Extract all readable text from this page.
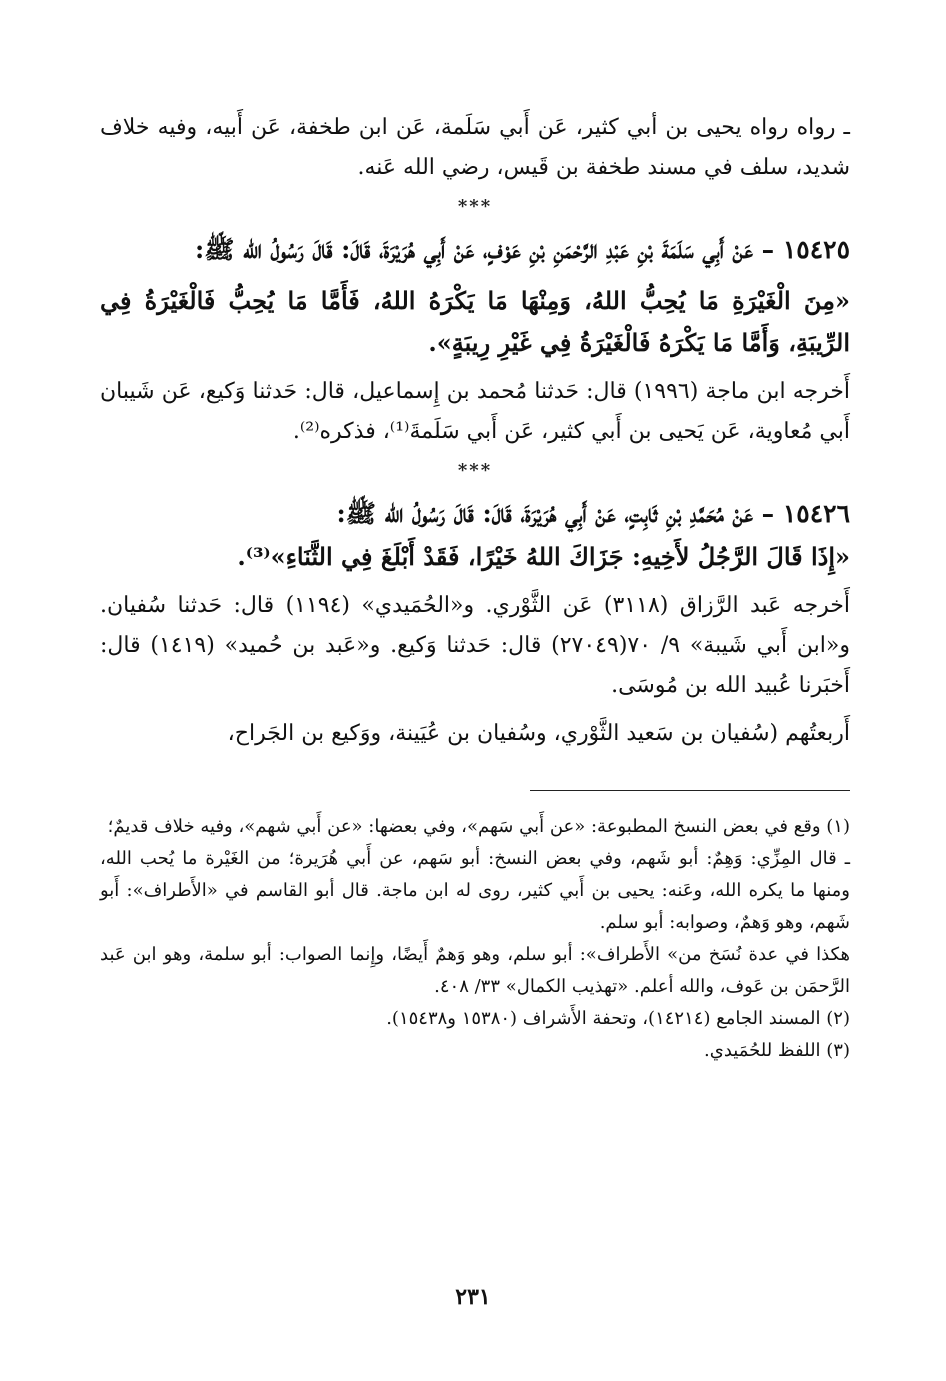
ـ رواه رواه يحيى بن أبي كثير، عَن أَبي سَلَمة، عَن ابن طخفة، عَن أَبيه، وفيه خلاف شديد، سلف في مسند طخفة بن قَيس، رضي الله عَنه.

***

١٥٤٢٥ – عَنْ أَبِي سَلَمَةَ بْنِ عَبْدِ الرَّحْمَنِ بْنِ عَوْفٍ، عَنْ أَبِي هُرَيْرَةَ، قَالَ: قَالَ رَسُولُ الله ﷺ:

«مِنَ الْغَيْرَةِ مَا يُحِبُّ اللهُ، وَمِنْهَا مَا يَكْرَهُ اللهُ، فَأَمَّا مَا يُحِبُّ فَالْغَيْرَةُ فِي الرِّيبَةِ، وَأَمَّا مَا يَكْرَهُ فَالْغَيْرَةُ فِي غَيْرِ رِيبَةٍ».

أَخرجه ابن ماجة (١٩٩٦) قال: حَدثنا مُحمد بن إِسماعيل، قال: حَدثنا وَكيع، عَن شَيبان أَبي مُعاوية، عَن يَحيى بن أَبي كثير، عَن أَبي سَلَمةَ⁽¹⁾، فذكره⁽²⁾.

***

١٥٤٢٦ – عَنْ مُحَمَّدِ بْنِ ثَابِتٍ، عَنْ أَبِي هُرَيْرَةَ، قَالَ: قَالَ رَسُولُ الله ﷺ:

«إِذَا قَالَ الرَّجُلُ لأَخِيهِ: جَزَاكَ اللهُ خَيْرًا، فَقَدْ أَبْلَغَ فِي الثَّنَاءِ»⁽³⁾.

أَخرجه عَبد الرَّزاق (٣١١٨) عَن الثَّوْري. و«الحُمَيدي» (١١٩٤) قال: حَدثنا سُفيان. و«ابن أَبي شَيبة» ٩/ ٧٠(٢٧٠٤٩) قال: حَدثنا وَكيع. و«عَبد بن حُميد» (١٤١٩) قال: أَخبَرنا عُبيد الله بن مُوسَى.

أَربعتُهم (سُفيان بن سَعيد الثَّوْري، وسُفيان بن عُيَينة، ووَكيع بن الجَراح،

(١) وقع في بعض النسخ المطبوعة: «عن أَبي سَهم»، وفي بعضها: «عن أَبي شهم»، وفيه خلاف قديمٌ؛

ـ قال المِزِّي: وَهِمٌ: أبو شَهم، وفي بعض النسخ: أبو سَهم، عن أَبي هُرَيرة؛ من الغَيْرة ما يُحب الله، ومنها ما يكره الله، وعَنه: يحيى بن أَبي كثير، روى له ابن ماجة. قال أبو القاسم في «الأَطراف»: أَبو شَهم، وهو وَهمٌ، وصوابه: أبو سلم.

هكذا في عدة نُسَخ من» الأَطراف»: أبو سلم، وهو وَهمٌ أَيضًا، وإِنما الصواب: أبو سلمة، وهو ابن عَبد الرَّحمَن بن عَوف، والله أعلم. «تهذيب الكمال» ٣٣/ ٤٠٨.

(٢) المسند الجامع (١٤٢١٤)، وتحفة الأَشراف (١٥٣٨٠ و١٥٤٣٨).

(٣) اللفظ للحُمَيدي.

٢٣١
